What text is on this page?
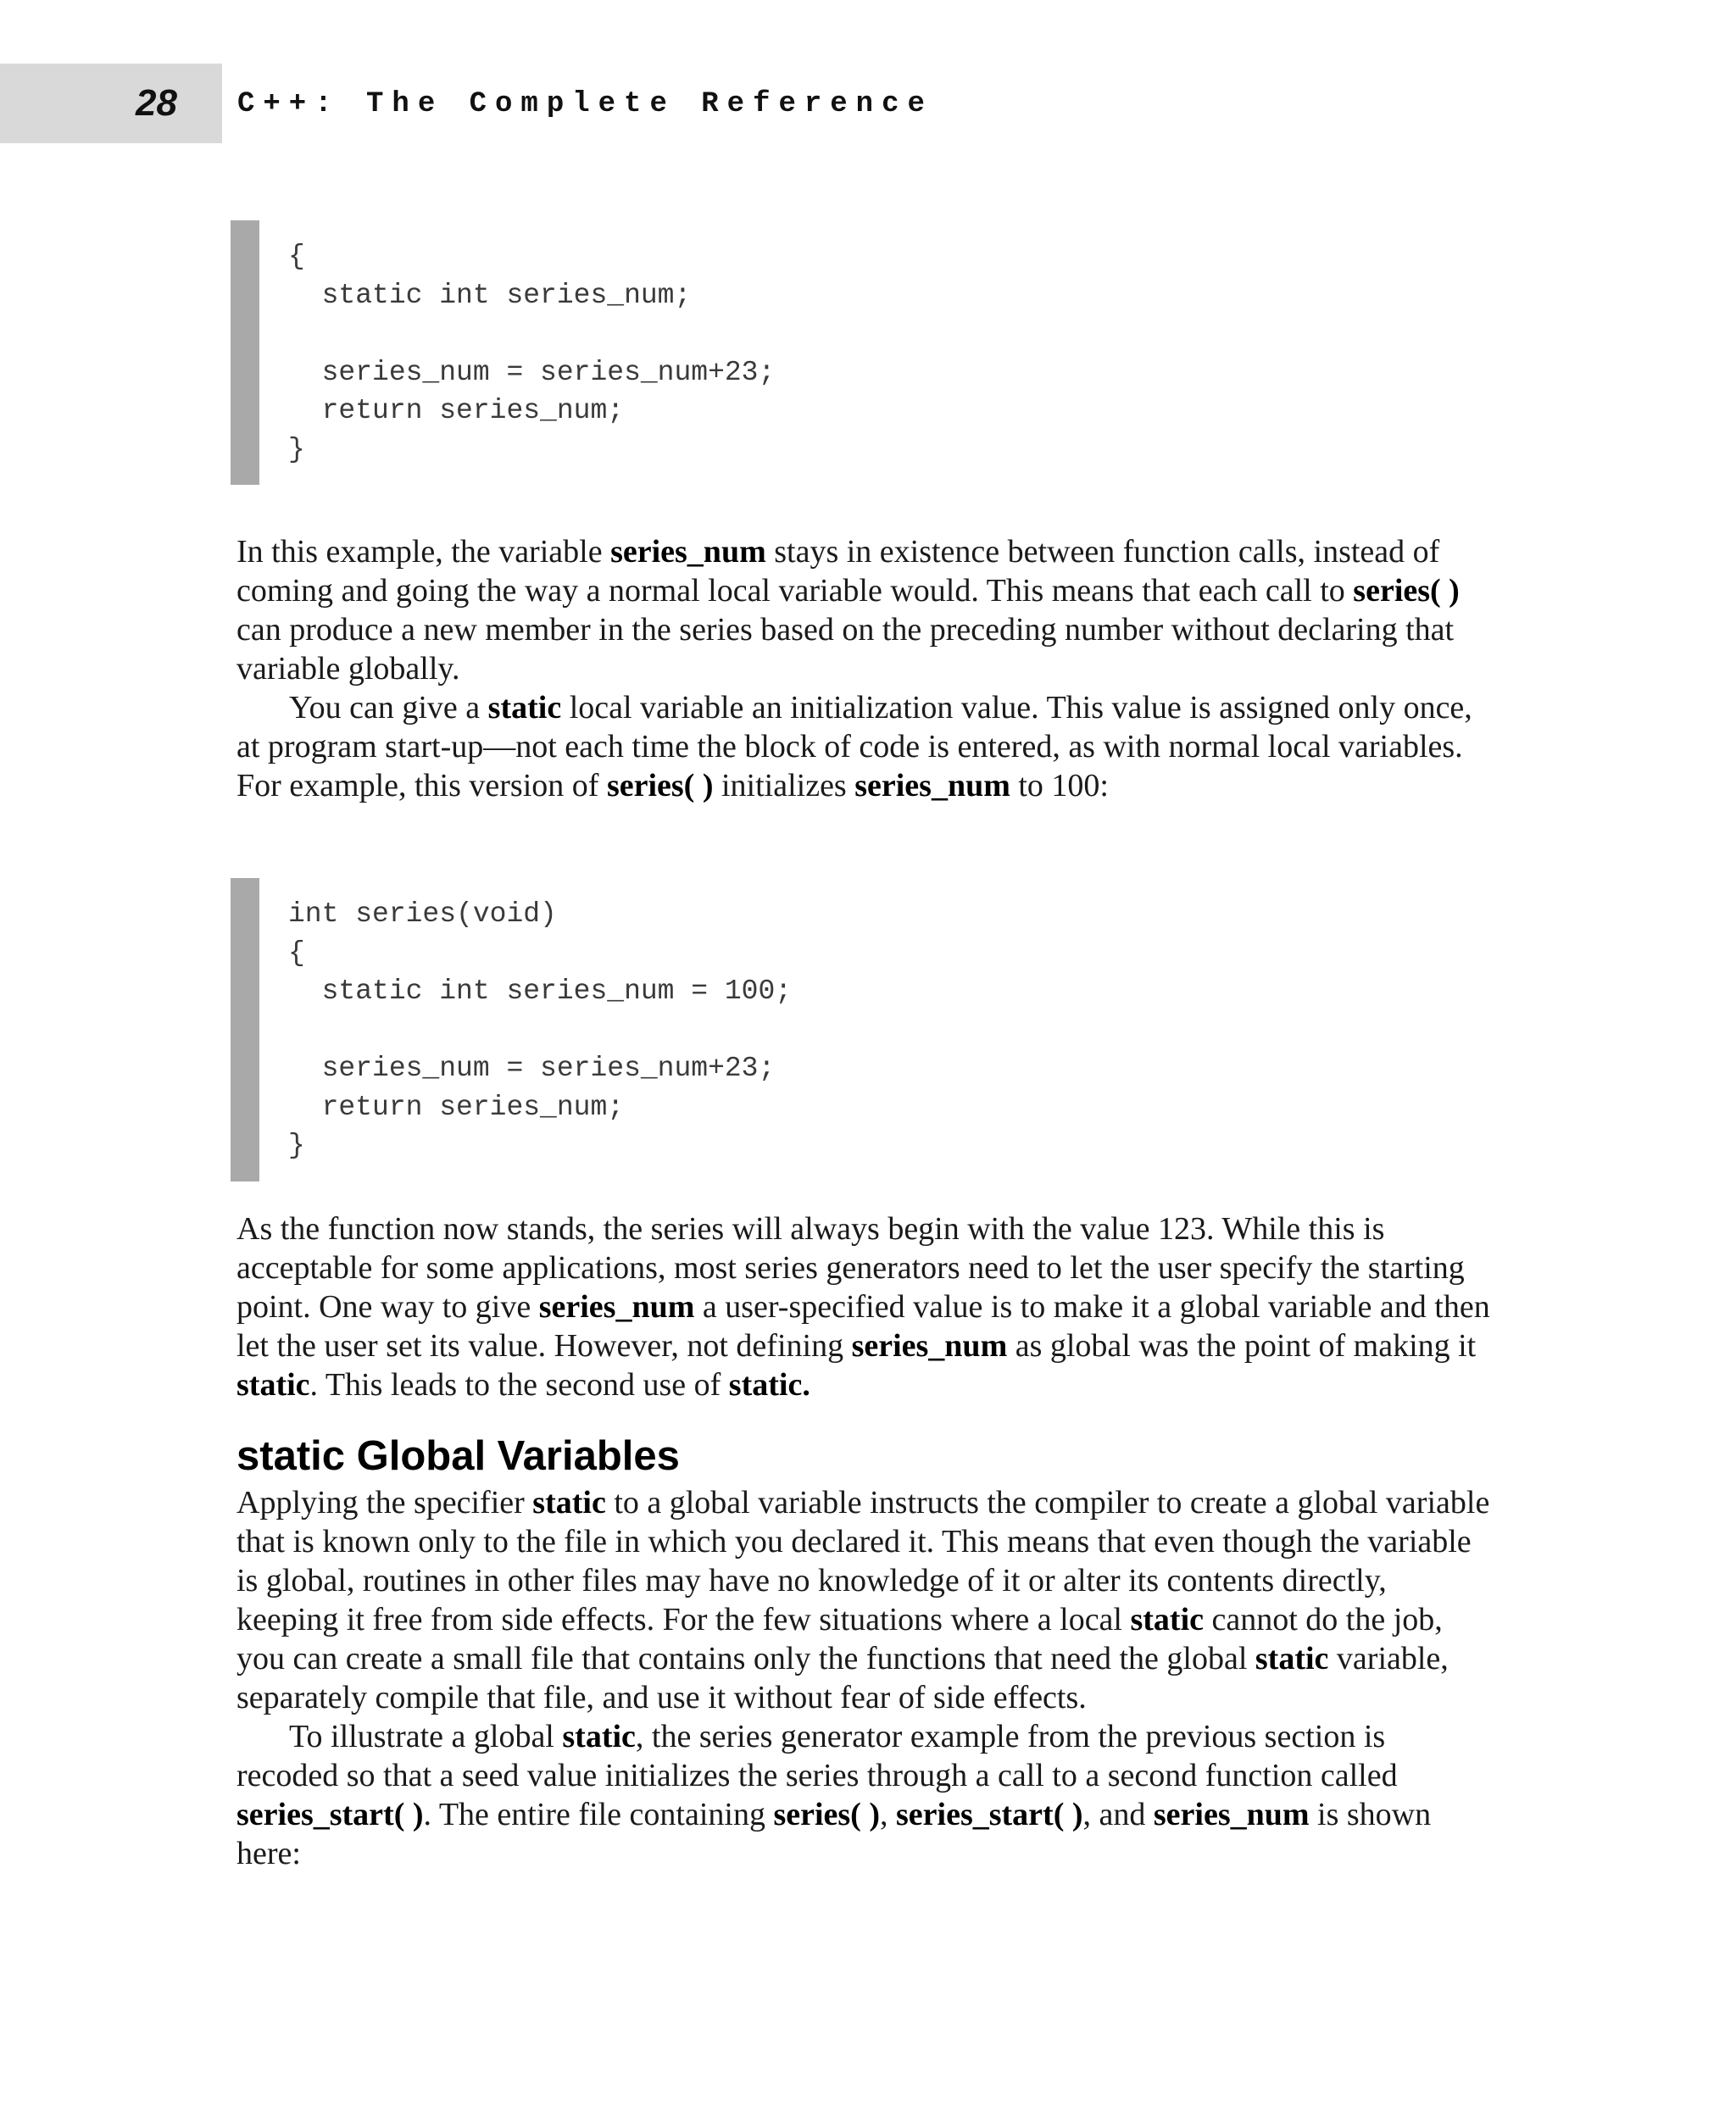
28	C++: The Complete Reference
{
static int series_num;

series_num = series_num+23;
return series_num;
}

In this example, the variable series_num stays in existence between function calls, instead of coming and going the way a normal local variable would. This means that each call to series( ) can produce a new member in the series based on the preceding number without declaring that variable globally.

You can give a static local variable an initialization value. This value is assigned only once, at program start-up—not each time the block of code is entered, as with normal local variables. For example, this version of series( ) initializes series_num to 100:

int series(void)
{
static int series_num = 100;

series_num = series_num+23;
return series_num;
}

As the function now stands, the series will always begin with the value 123. While this is acceptable for some applications, most series generators need to let the user specify the starting point. One way to give series_num a user-specified value is to make it a global variable and then let the user set its value. However, not defining series_num as global was the point of making it static. This leads to the second use of static.

static Global Variables

Applying the specifier static to a global variable instructs the compiler to create a global variable that is known only to the file in which you declared it. This means that even though the variable is global, routines in other files may have no knowledge of it or alter its contents directly, keeping it free from side effects. For the few situations where a local static cannot do the job, you can create a small file that contains only the functions that need the global static variable, separately compile that file, and use it without fear of side effects.

To illustrate a global static, the series generator example from the previous section is recoded so that a seed value initializes the series through a call to a second function called series_start( ). The entire file containing series( ), series_start( ), and series_num is shown here:
